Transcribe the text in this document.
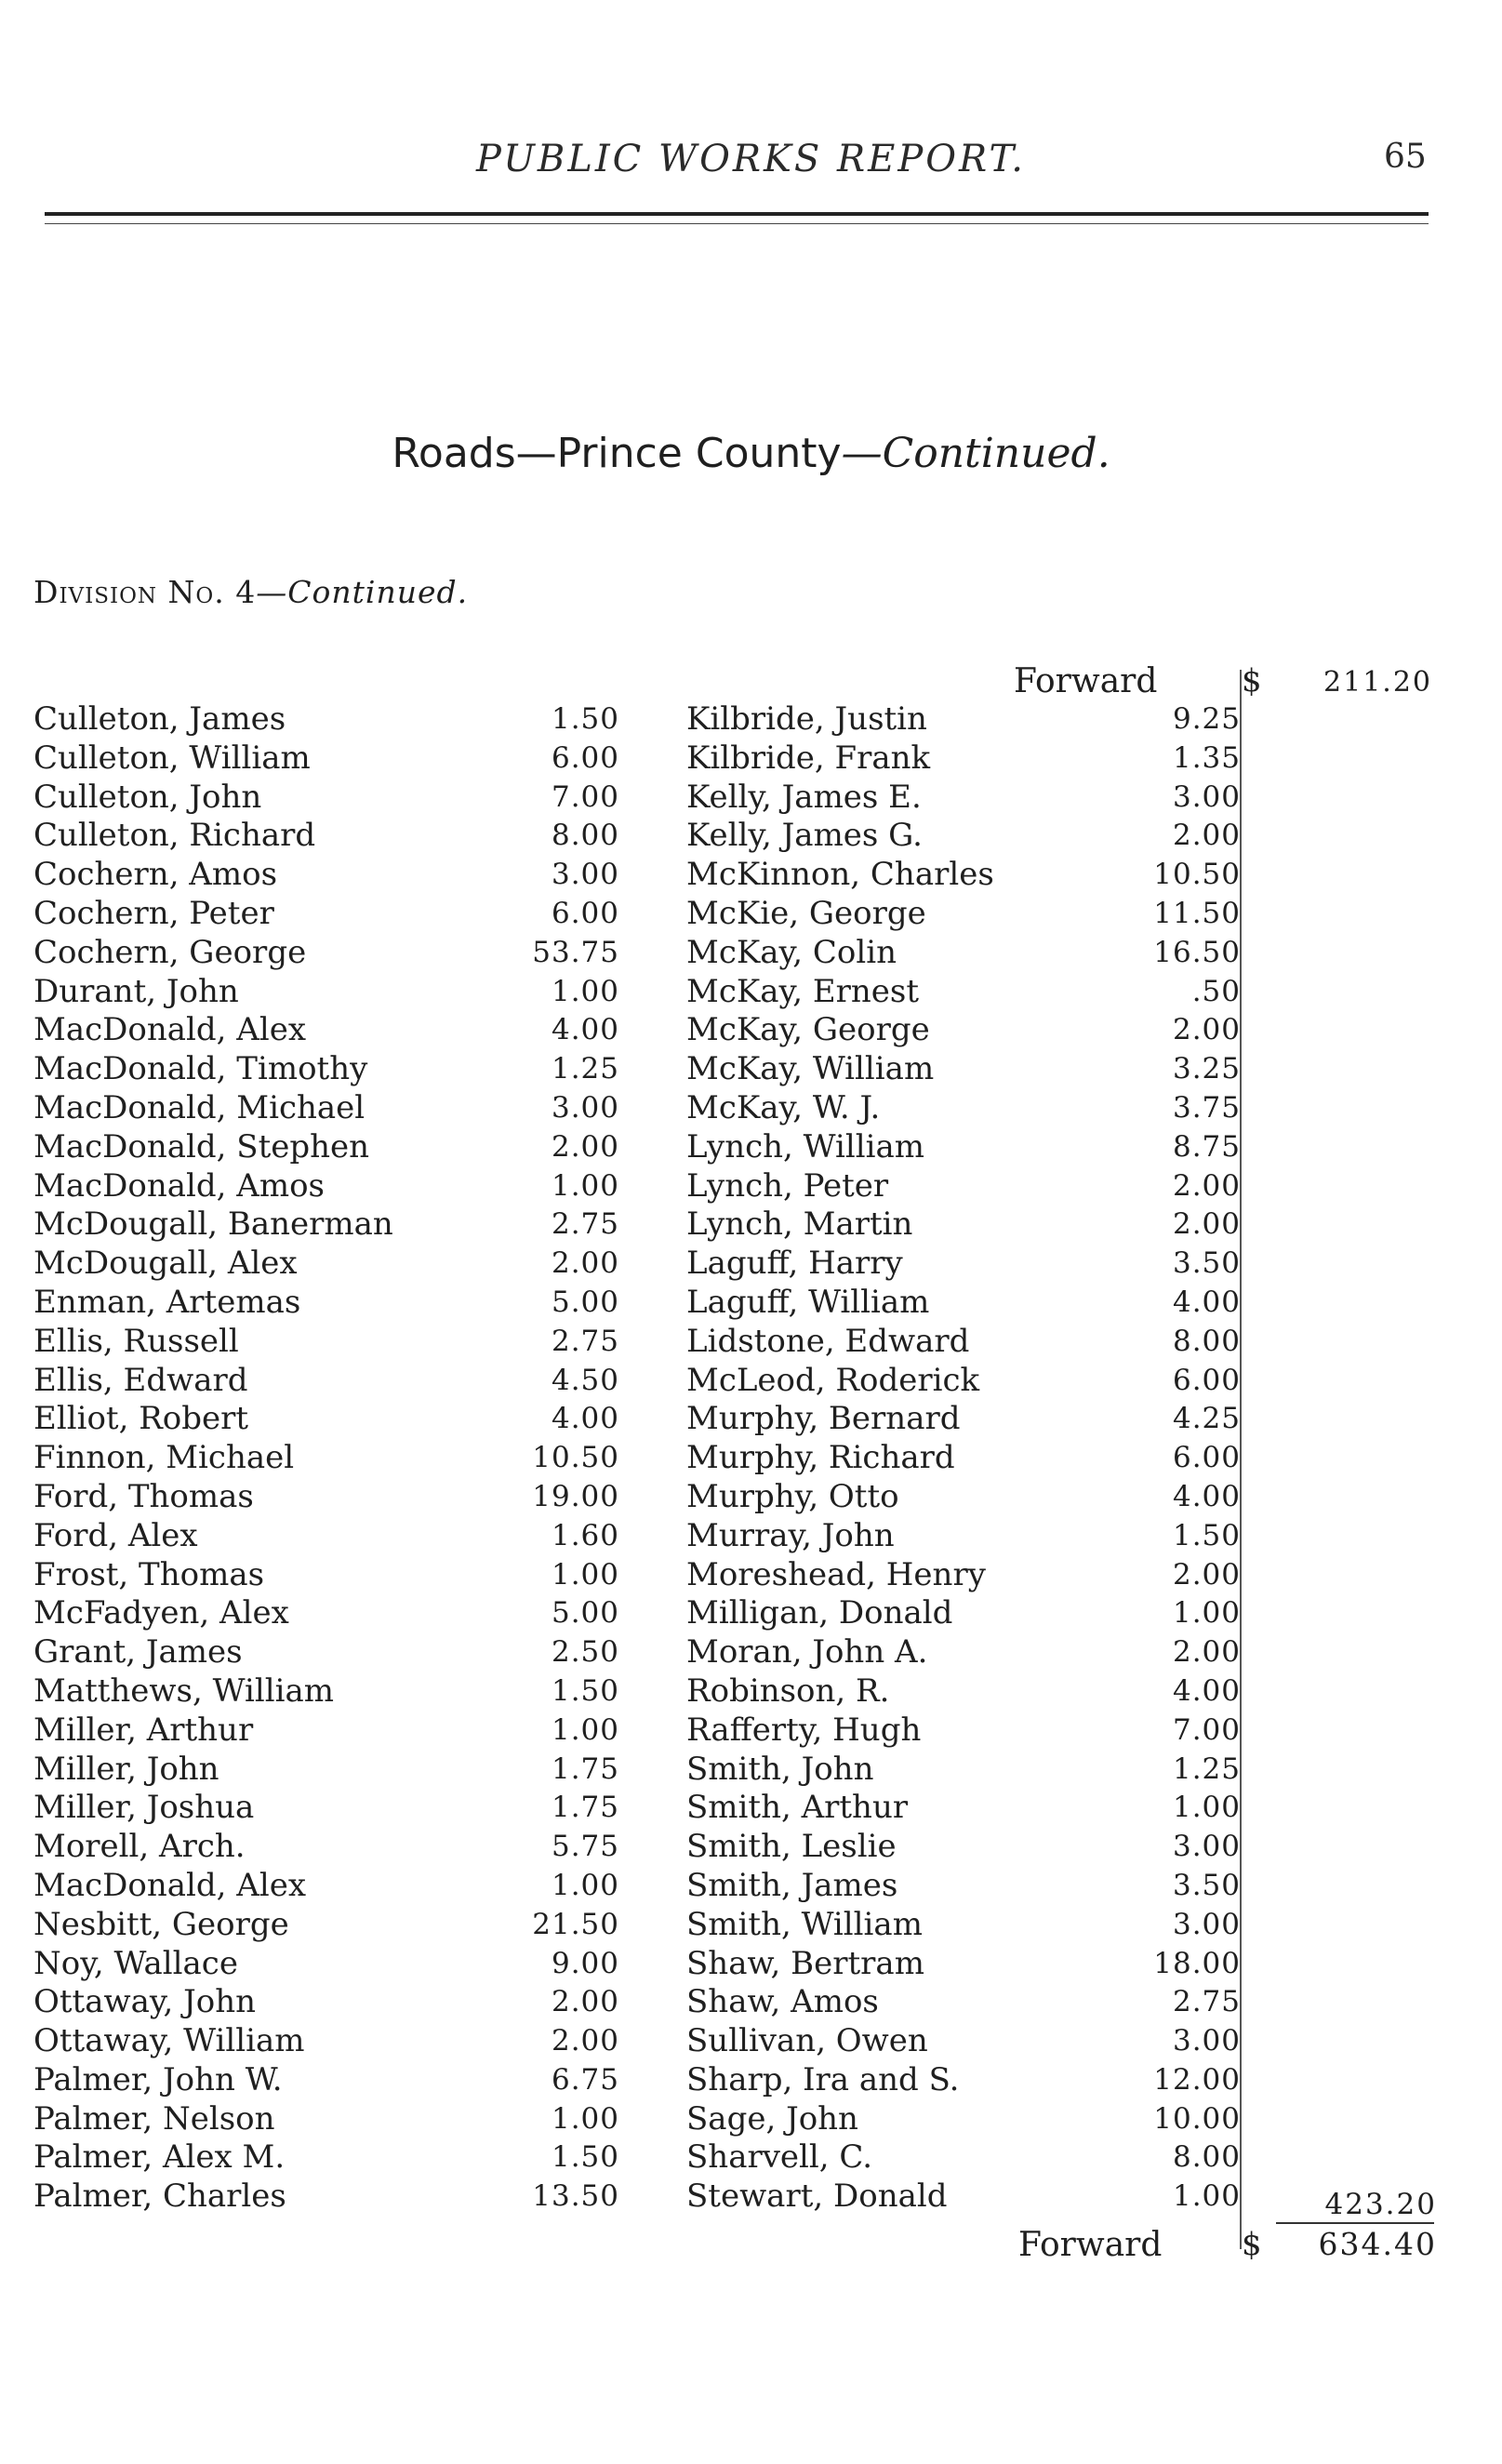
PUBLIC WORKS REPORT.	65
Roads—Prince County—Continued.
Division No. 4—Continued.
Forward	$ 211.20
Culleton, James	1.50
Culleton, William	6.00
Culleton, John	7.00
Culleton, Richard	8.00
Cochern, Amos	3.00
Cochern, Peter	6.00
Cochern, George	53.75
Durant, John	1.00
MacDonald, Alex	4.00
MacDonald, Timothy	1.25
MacDonald, Michael	3.00
MacDonald, Stephen	2.00
MacDonald, Amos	1.00
McDougall, Banerman	2.75
McDougall, Alex	2.00
Enman, Artemas	5.00
Ellis, Russell	2.75
Ellis, Edward	4.50
Elliot, Robert	4.00
Finnon, Michael	10.50
Ford, Thomas	19.00
Ford, Alex	1.60
Frost, Thomas	1.00
McFadyen, Alex	5.00
Grant, James	2.50
Matthews, William	1.50
Miller, Arthur	1.00
Miller, John	1.75
Miller, Joshua	1.75
Morell, Arch.	5.75
MacDonald, Alex	1.00
Nesbitt, George	21.50
Noy, Wallace	9.00
Ottaway, John	2.00
Ottaway, William	2.00
Palmer, John W.	6.75
Palmer, Nelson	1.00
Palmer, Alex M.	1.50
Palmer, Charles	13.50
Kilbride, Justin	9.25
Kilbride, Frank	1.35
Kelly, James E.	3.00
Kelly, James G.	2.00
McKinnon, Charles	10.50
McKie, George	11.50
McKay, Colin	16.50
McKay, Ernest	.50
McKay, George	2.00
McKay, William	3.25
McKay, W. J.	3.75
Lynch, William	8.75
Lynch, Peter	2.00
Lynch, Martin	2.00
Laguff, Harry	3.50
Laguff, William	4.00
Lidstone, Edward	8.00
McLeod, Roderick	6.00
Murphy, Bernard	4.25
Murphy, Richard	6.00
Murphy, Otto	4.00
Murray, John	1.50
Moreshead, Henry	2.00
Milligan, Donald	1.00
Moran, John A.	2.00
Robinson, R.	4.00
Rafferty, Hugh	7.00
Smith, John	1.25
Smith, Arthur	1.00
Smith, Leslie	3.00
Smith, James	3.50
Smith, William	3.00
Shaw, Bertram	18.00
Shaw, Amos	2.75
Sullivan, Owen	3.00
Sharp, Ira and S.	12.00
Sage, John	10.00
Sharvell, C.	8.00
Stewart, Donald	1.00	423.20
Forward	$	634.40
